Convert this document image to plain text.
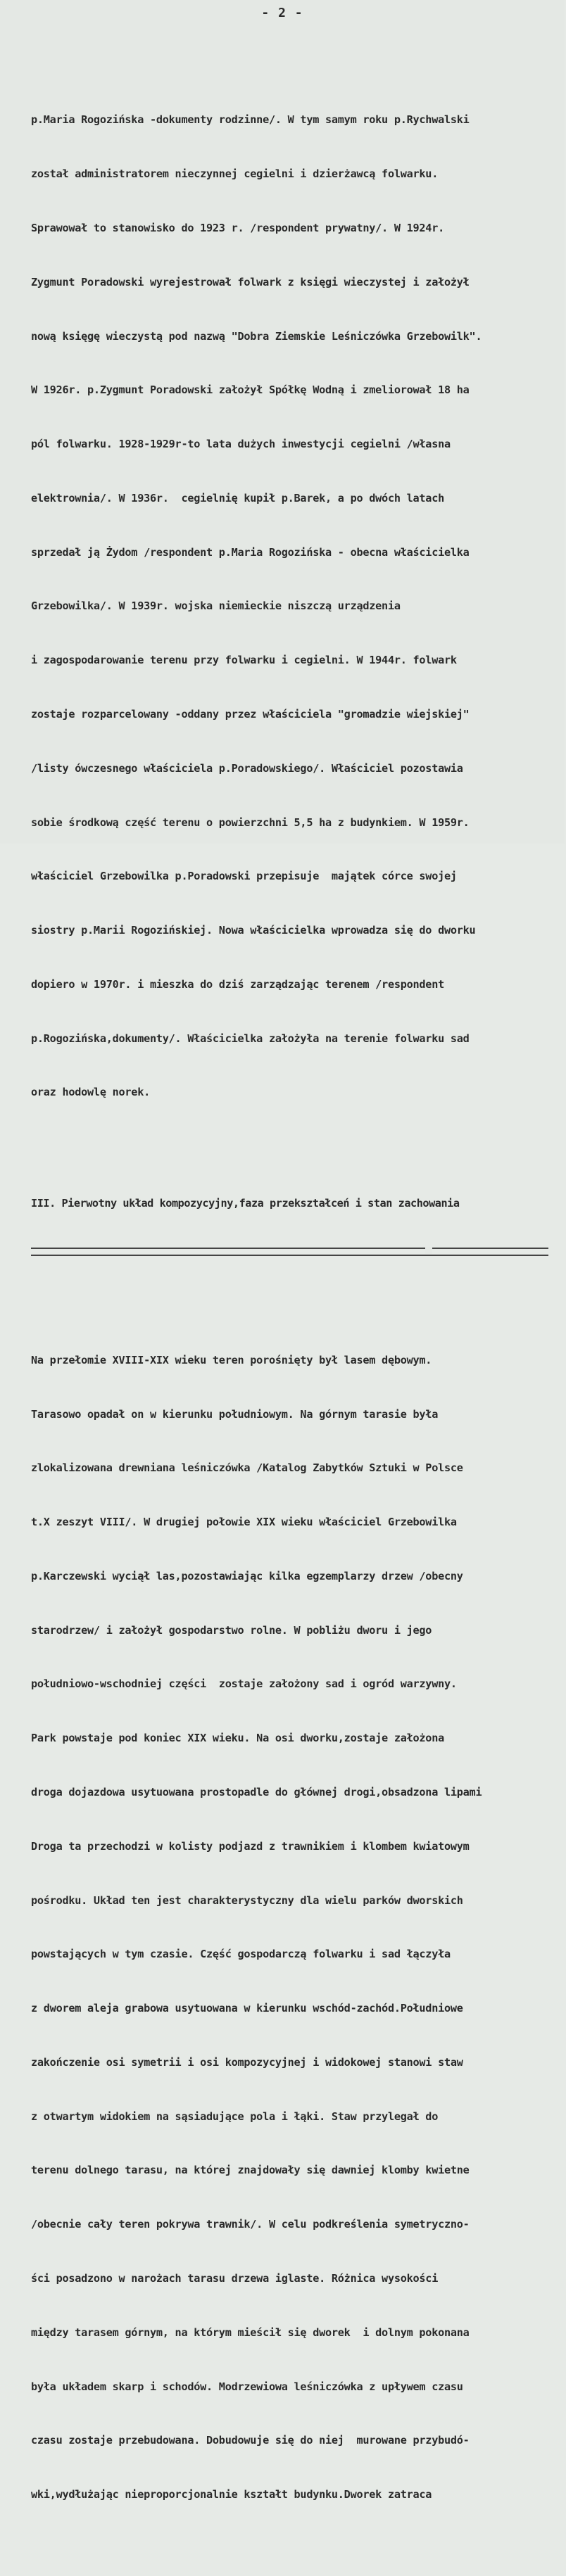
- 2 -

p.Maria Rogozińska -dokumenty rodzinne/. W tym samym roku p.Rychwalski

został administratorem nieczynnej cegielni i dzierżawcą folwarku.

Sprawował to stanowisko do 1923 r. /respondent prywatny/. W 1924r.

Zygmunt Poradowski wyrejestrował folwark z księgi wieczystej i założył

nową księgę wieczystą pod nazwą "Dobra Ziemskie Leśniczówka Grzebowilk".

W 1926r. p.Zygmunt Poradowski założył Spółkę Wodną i zmeliorował 18 ha

pól folwarku. 1928-1929r-to lata dużych inwestycji cegielni /własna

elektrownia/. W 1936r.  cegielnię kupił p.Barek, a po dwóch latach

sprzedał ją Żydom /respondent p.Maria Rogozińska - obecna właścicielka

Grzebowilka/. W 1939r. wojska niemieckie niszczą urządzenia

i zagospodarowanie terenu przy folwarku i cegielni. W 1944r. folwark

zostaje rozparcelowany -oddany przez właściciela "gromadzie wiejskiej"

/listy ówczesnego właściciela p.Poradowskiego/. Właściciel pozostawia

sobie środkową część terenu o powierzchni 5,5 ha z budynkiem. W 1959r.

właściciel Grzebowilka p.Poradowski przepisuje  majątek córce swojej

siostry p.Marii Rogozińskiej. Nowa właścicielka wprowadza się do dworku

dopiero w 1970r. i mieszka do dziś zarządzając terenem /respondent

p.Rogozińska,dokumenty/. Właścicielka założyła na terenie folwarku sad

oraz hodowlę norek.

III. Pierwotny układ kompozycyjny,faza przekształceń i stan zachowania

Na przełomie XVIII-XIX wieku teren porośnięty był lasem dębowym.

Tarasowo opadał on w kierunku południowym. Na górnym tarasie była

zlokalizowana drewniana leśniczówka /Katalog Zabytków Sztuki w Polsce

t.X zeszyt VIII/. W drugiej połowie XIX wieku właściciel Grzebowilka

p.Karczewski wyciął las,pozostawiając kilka egzemplarzy drzew /obecny

starodrzew/ i założył gospodarstwo rolne. W pobliżu dworu i jego

południowo-wschodniej części  zostaje założony sad i ogród warzywny.

Park powstaje pod koniec XIX wieku. Na osi dworku,zostaje założona

droga dojazdowa usytuowana prostopadle do głównej drogi,obsadzona lipami

Droga ta przechodzi w kolisty podjazd z trawnikiem i klombem kwiatowym

pośrodku. Układ ten jest charakterystyczny dla wielu parków dworskich

powstających w tym czasie. Część gospodarczą folwarku i sad łączyła

z dworem aleja grabowa usytuowana w kierunku wschód-zachód.Południowe

zakończenie osi symetrii i osi kompozycyjnej i widokowej stanowi staw

z otwartym widokiem na sąsiadujące pola i łąki. Staw przylegał do

terenu dolnego tarasu, na której znajdowały się dawniej klomby kwietne

/obecnie cały teren pokrywa trawnik/. W celu podkreślenia symetryczno-

ści posadzono w narożach tarasu drzewa iglaste. Różnica wysokości

między tarasem górnym, na którym mieścił się dworek  i dolnym pokonana

była układem skarp i schodów. Modrzewiowa leśniczówka z upływem czasu

czasu zostaje przebudowana. Dobudowuje się do niej  murowane przybudó-

wki,wydłużając nieproporcjonalnie kształt budynku.Dworek zatraca
